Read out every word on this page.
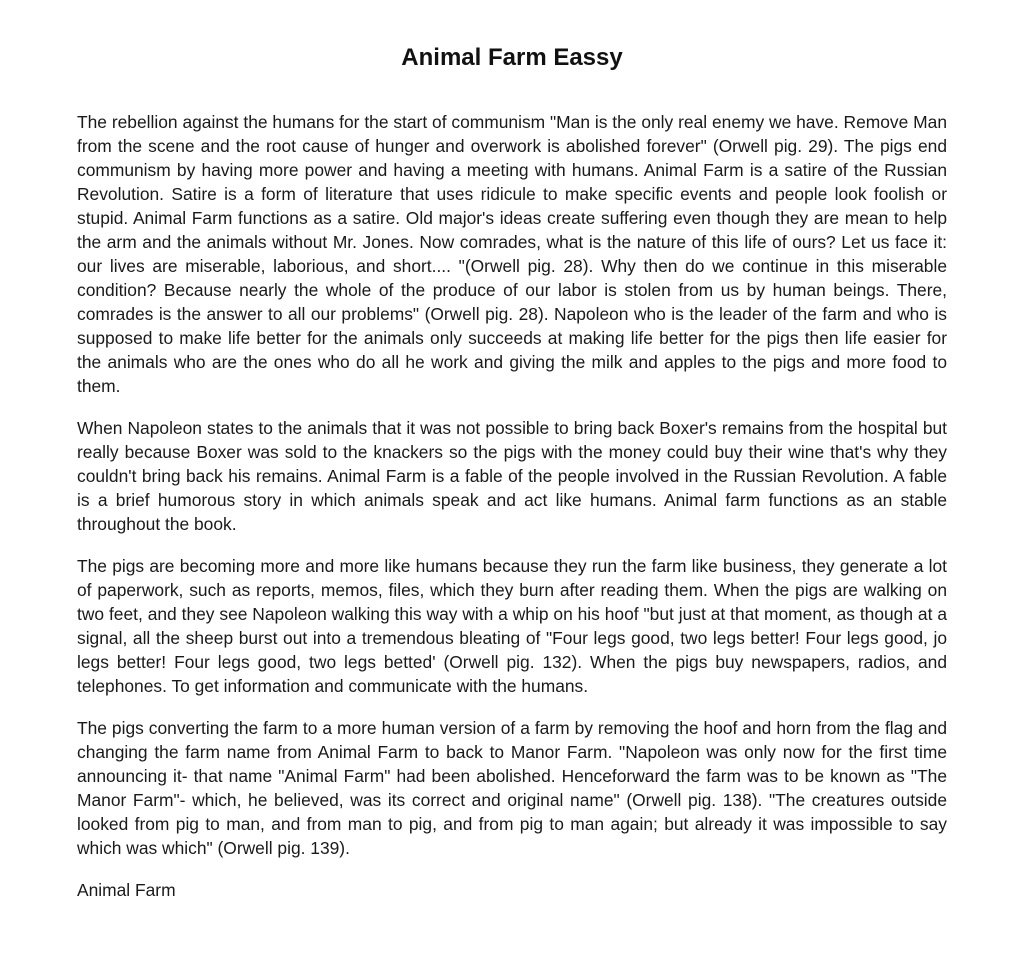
Animal Farm Eassy

The rebellion against the humans for the start of communism "Man is the only real enemy we have. Remove Man from the scene and the root cause of hunger and overwork is abolished forever" (Orwell pig. 29). The pigs end communism by having more power and having a meeting with humans. Animal Farm is a satire of the Russian Revolution. Satire is a form of literature that uses ridicule to make specific events and people look foolish or stupid. Animal Farm functions as a satire. Old major's ideas create suffering even though they are mean to help the arm and the animals without Mr. Jones. Now comrades, what is the nature of this life of ours? Let us face it: our lives are miserable, laborious, and short.... "(Orwell pig. 28). Why then do we continue in this miserable condition? Because nearly the whole of the produce of our labor is stolen from us by human beings. There, comrades is the answer to all our problems" (Orwell pig. 28). Napoleon who is the leader of the farm and who is supposed to make life better for the animals only succeeds at making life better for the pigs then life easier for the animals who are the ones who do all he work and giving the milk and apples to the pigs and more food to them.

When Napoleon states to the animals that it was not possible to bring back Boxer's remains from the hospital but really because Boxer was sold to the knackers so the pigs with the money could buy their wine that's why they couldn't bring back his remains. Animal Farm is a fable of the people involved in the Russian Revolution. A fable is a brief humorous story in which animals speak and act like humans. Animal farm functions as an stable throughout the book.

The pigs are becoming more and more like humans because they run the farm like business, they generate a lot of paperwork, such as reports, memos, files, which they burn after reading them. When the pigs are walking on two feet, and they see Napoleon walking this way with a whip on his hoof "but just at that moment, as though at a signal, all the sheep burst out into a tremendous bleating of "Four legs good, two legs better! Four legs good, jo legs better! Four legs good, two legs betted' (Orwell pig. 132). When the pigs buy newspapers, radios, and telephones. To get information and communicate with the humans.

The pigs converting the farm to a more human version of a farm by removing the hoof and horn from the flag and changing the farm name from Animal Farm to back to Manor Farm. "Napoleon was only now for the first time announcing it- that name "Animal Farm" had been abolished. Henceforward the farm was to be known as "The Manor Farm"- which, he believed, was its correct and original name" (Orwell pig. 138). "The creatures outside looked from pig to man, and from man to pig, and from pig to man again; but already it was impossible to say which was which" (Orwell pig. 139).

Animal Farm
